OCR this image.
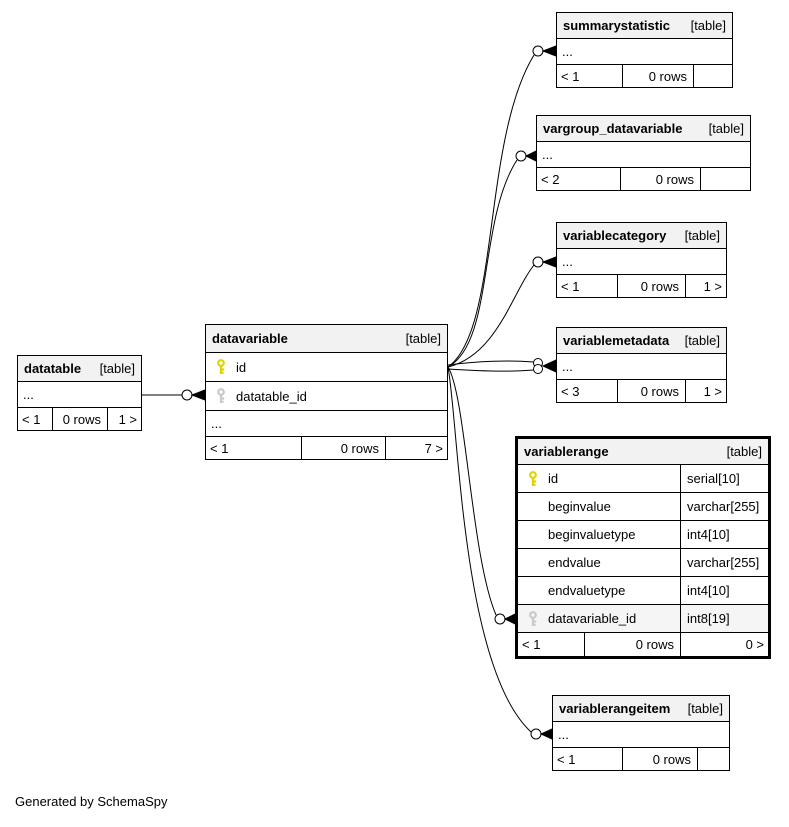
datatable [table]
...
< 1	0 rows	1 >
datavariable	[table]
id
datatable_id
...
< 1	0 rows	7 >
summarystatistic [table]
...
< 1	0 rows
vargroup_datavariable [table]
...
< 2	0 rows
variablecategory [table]
...
< 1	0 rows	1 >
variablemetadata [table]
...
< 3	0 rows	1 >
variablerange	[table]
id	serial[10]
beginvalue	varchar[255]
beginvaluetype	int4[10]
endvalue	varchar[255]
endvaluetype	int4[10]
datavariable_id	int8[19]
< 1	0 rows	0 >
variablerangeitem [table]
...
< 1	0 rows
Generated by SchemaSpy
